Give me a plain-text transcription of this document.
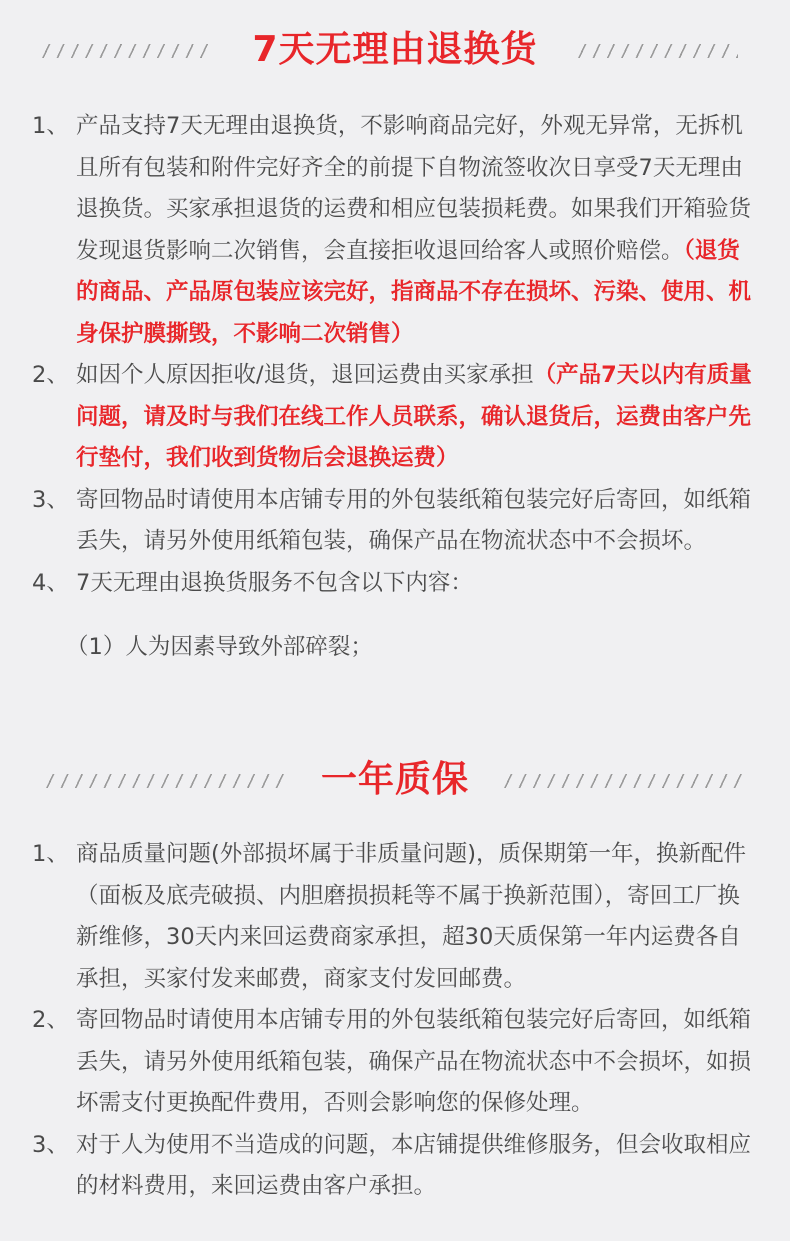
7天无理由退换货

1、 产品支持7天无理由退换货，不影响商品完好，外观无异常，无拆机且所有包装和附件完好齐全的前提下自物流签收次日享受7天无理由退换货。买家承担退货的运费和相应包装损耗费。如果我们开箱验货发现退货影响二次销售，会直接拒收退回给客人或照价赔偿。（退货的商品、产品原包装应该完好，指商品不存在损坏、污染、使用、机身保护膜撕毁，不影响二次销售）

2、 如因个人原因拒收/退货，退回运费由买家承担（产品7天以内有质量问题，请及时与我们在线工作人员联系，确认退货后，运费由客户先行垫付，我们收到货物后会退换运费）

3、 寄回物品时请使用本店铺专用的外包装纸箱包装完好后寄回，如纸箱丢失，请另外使用纸箱包装，确保产品在物流状态中不会损坏。

4、 7天无理由退换货服务不包含以下内容：

（1）人为因素导致外部碎裂；

一年质保

1、 商品质量问题(外部损坏属于非质量问题)，质保期第一年，换新配件（面板及底壳破损、内胆磨损损耗等不属于换新范围），寄回工厂换新维修，30天内来回运费商家承担，超30天质保第一年内运费各自承担，买家付发来邮费，商家支付发回邮费。

2、 寄回物品时请使用本店铺专用的外包装纸箱包装完好后寄回，如纸箱丢失，请另外使用纸箱包装，确保产品在物流状态中不会损坏，如损坏需支付更换配件费用，否则会影响您的保修处理。

3、 对于人为使用不当造成的问题，本店铺提供维修服务，但会收取相应的材料费用，来回运费由客户承担。
